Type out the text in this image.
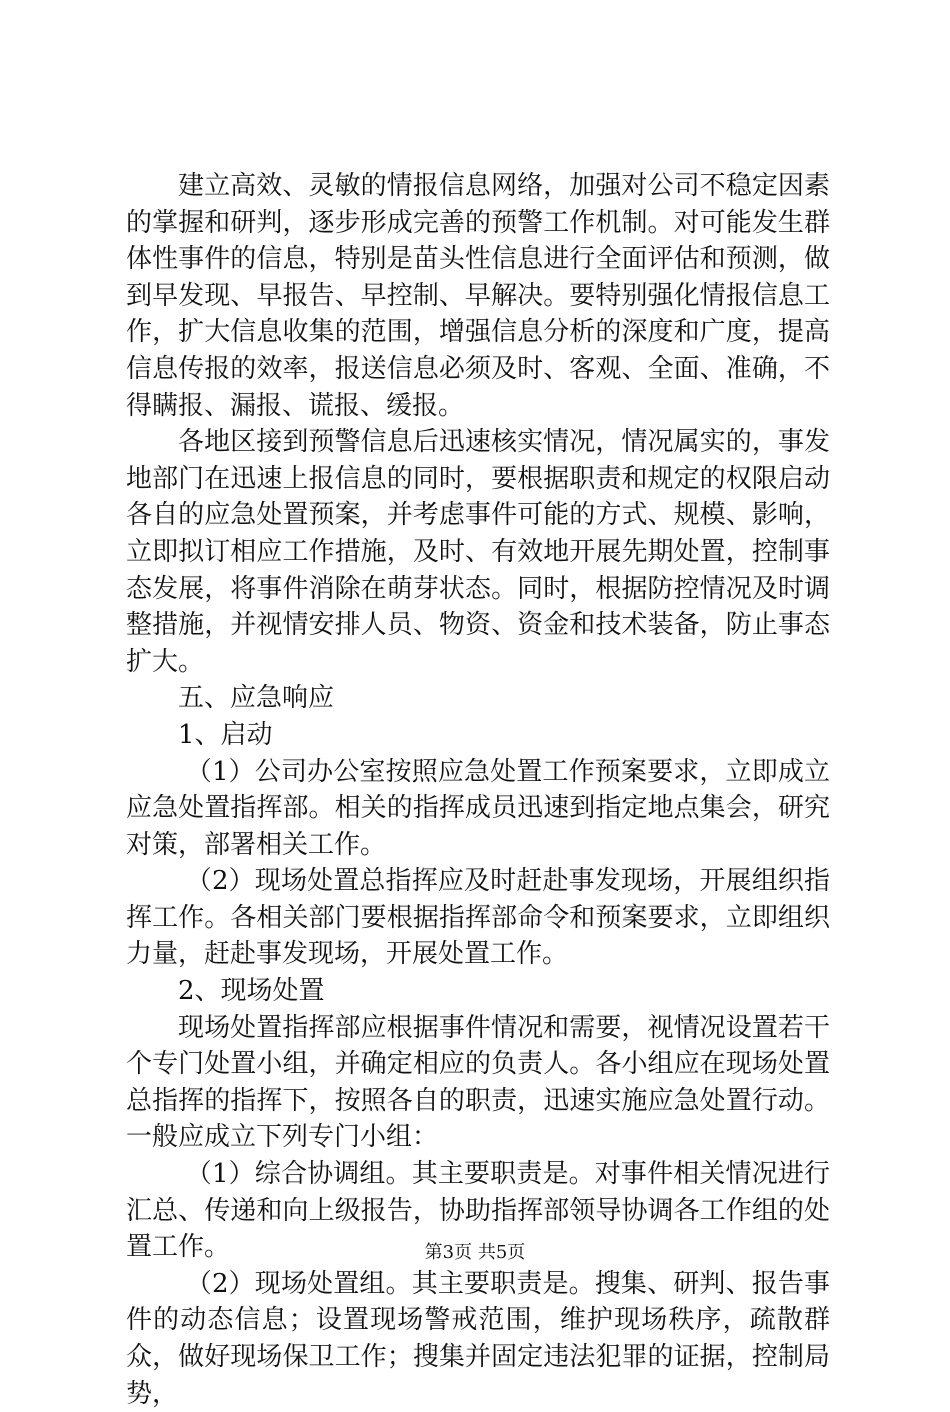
建立高效、灵敏的情报信息网络，加强对公司不稳定因素的掌握和研判，逐步形成完善的预警工作机制。对可能发生群体性事件的信息，特别是苗头性信息进行全面评估和预测，做到早发现、早报告、早控制、早解决。要特别强化情报信息工作，扩大信息收集的范围，增强信息分析的深度和广度，提高信息传报的效率，报送信息必须及时、客观、全面、准确，不得瞒报、漏报、谎报、缓报。

各地区接到预警信息后迅速核实情况，情况属实的，事发地部门在迅速上报信息的同时，要根据职责和规定的权限启动各自的应急处置预案，并考虑事件可能的方式、规模、影响，立即拟订相应工作措施，及时、有效地开展先期处置，控制事态发展，将事件消除在萌芽状态。同时，根据防控情况及时调整措施，并视情安排人员、物资、资金和技术装备，防止事态扩大。

五、应急响应

1、启动

（1）公司办公室按照应急处置工作预案要求，立即成立应急处置指挥部。相关的指挥成员迅速到指定地点集会，研究对策，部署相关工作。

（2）现场处置总指挥应及时赶赴事发现场，开展组织指挥工作。各相关部门要根据指挥部命令和预案要求，立即组织力量，赶赴事发现场，开展处置工作。

2、现场处置

现场处置指挥部应根据事件情况和需要，视情况设置若干个专门处置小组，并确定相应的负责人。各小组应在现场处置总指挥的指挥下，按照各自的职责，迅速实施应急处置行动。一般应成立下列专门小组：

（1）综合协调组。其主要职责是。对事件相关情况进行汇总、传递和向上级报告，协助指挥部领导协调各工作组的处置工作。

（2）现场处置组。其主要职责是。搜集、研判、报告事件的动态信息；设置现场警戒范围，维护现场秩序，疏散群众，做好现场保卫工作；搜集并固定违法犯罪的证据，控制局势，

第3页 共5页
